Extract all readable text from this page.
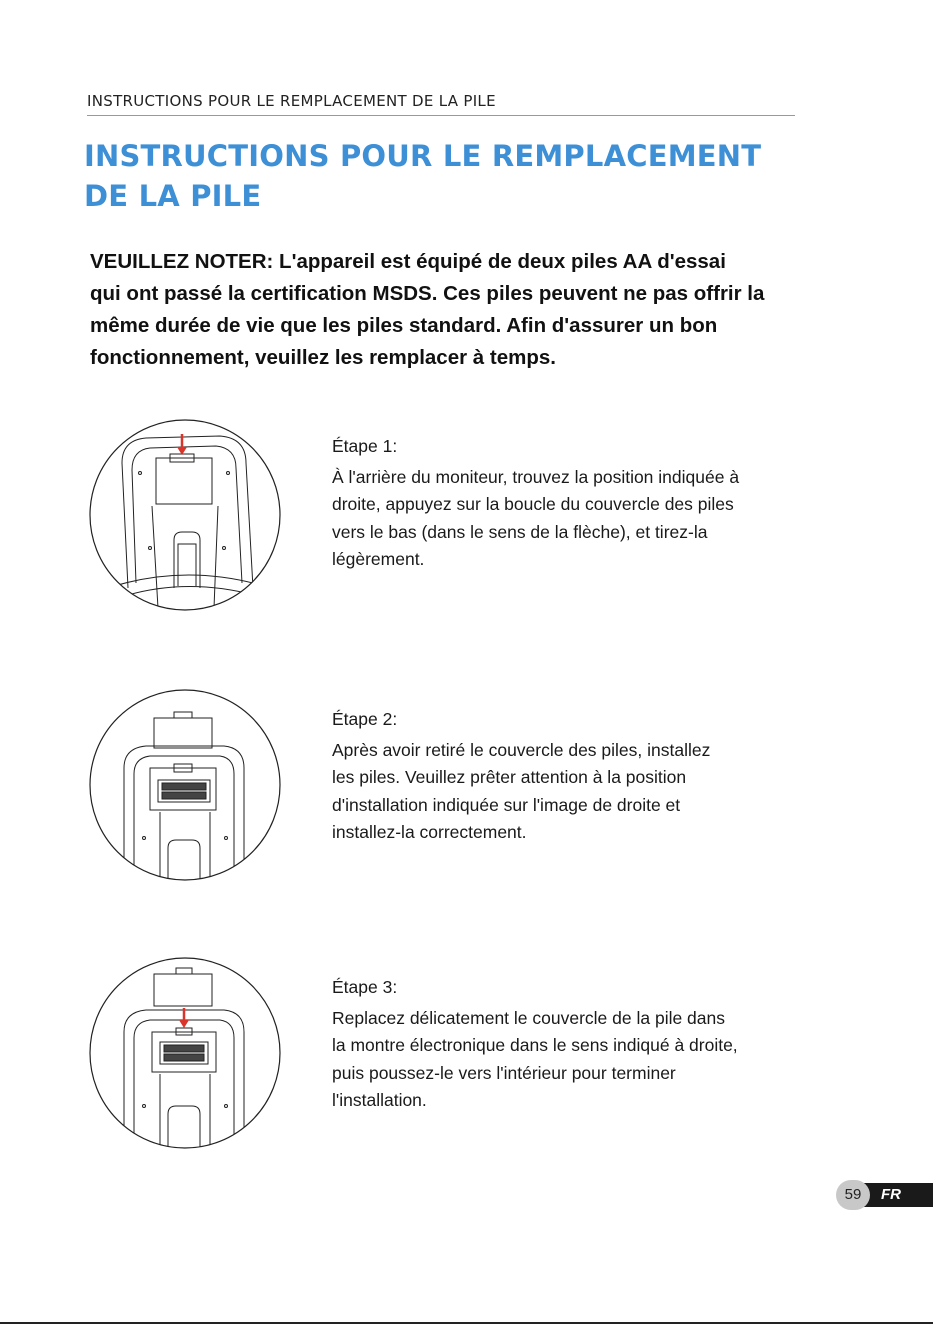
INSTRUCTIONS POUR LE REMPLACEMENT DE LA PILE
INSTRUCTIONS POUR LE REMPLACEMENT
DE LA PILE
VEUILLEZ NOTER: L'appareil est équipé de deux piles AA d'essai
qui ont passé la certification MSDS. Ces piles peuvent ne pas offrir la
même durée de vie que les piles standard. Afin d'assurer un bon
fonctionnement, veuillez les remplacer à temps.
Étape 1:
À l'arrière du moniteur, trouvez la position indiquée à
droite, appuyez sur la boucle du couvercle des piles
vers le bas (dans le sens de la flèche), et tirez-la
légèrement.
Étape 2:
Après avoir retiré le couvercle des piles, installez
les piles. Veuillez prêter attention à la position
d'installation indiquée sur l'image de droite et
installez-la correctement.
Étape 3:
Replacez délicatement le couvercle de la pile dans
la montre électronique dans le sens indiqué à droite,
puis poussez-le vers l'intérieur pour terminer
l'installation.
FR
59
